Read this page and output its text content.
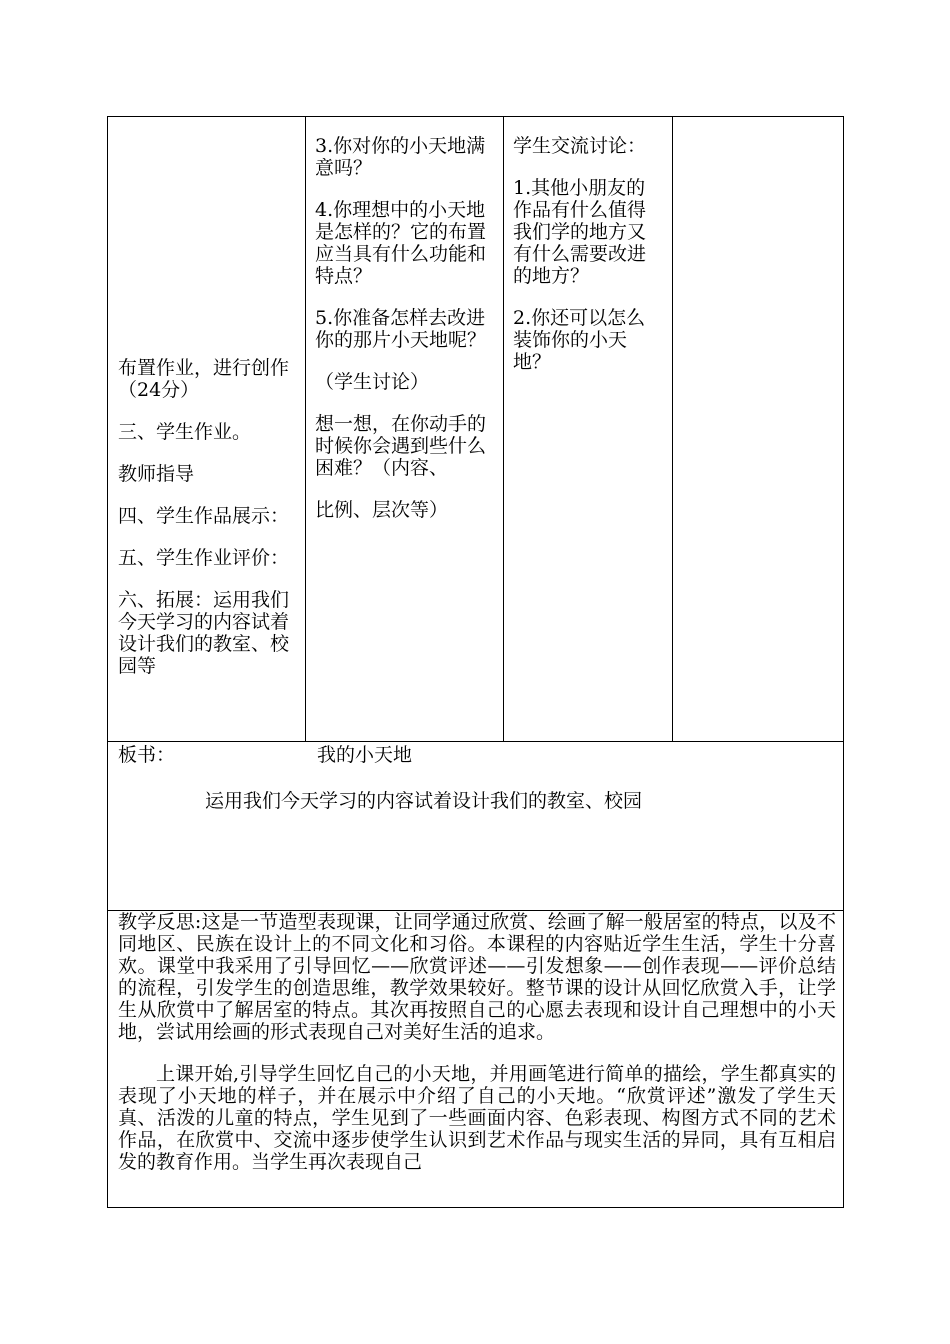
布置作业，进行创作（24分）

三、学生作业。

教师指导

四、学生作品展示：

五、学生作业评价：

六、拓展：运用我们今天学习的内容试着设计我们的教室、校园等

3.你对你的小天地满意吗？

4.你理想中的小天地是怎样的？它的布置应当具有什么功能和特点？

5.你准备怎样去改进你的那片小天地呢？

（学生讨论）

想一想，在你动手的时候你会遇到些什么困难？（内容、

比例、层次等）

学生交流讨论：

1.其他小朋友的作品有什么值得我们学的地方又有什么需要改进的地方？

2.你还可以怎么装饰你的小天地？

板书：	我的小天地
运用我们今天学习的内容试着设计我们的教室、校园

教学反思:这是一节造型表现课，让同学通过欣赏、绘画了解一般居室的特点，以及不同地区、民族在设计上的不同文化和习俗。本课程的内容贴近学生生活，学生十分喜欢。课堂中我采用了引导回忆——欣赏评述——引发想象——创作表现——评价总结的流程，引发学生的创造思维，教学效果较好。整节课的设计从回忆欣赏入手，让学生从欣赏中了解居室的特点。其次再按照自己的心愿去表现和设计自己理想中的小天地，尝试用绘画的形式表现自己对美好生活的追求。

上课开始,引导学生回忆自己的小天地，并用画笔进行简单的描绘，学生都真实的表现了小天地的样子，并在展示中介绍了自己的小天地。“欣赏评述”激发了学生天真、活泼的儿童的特点，学生见到了一些画面内容、色彩表现、构图方式不同的艺术作品，在欣赏中、交流中逐步使学生认识到艺术作品与现实生活的异同，具有互相启发的教育作用。当学生再次表现自己
